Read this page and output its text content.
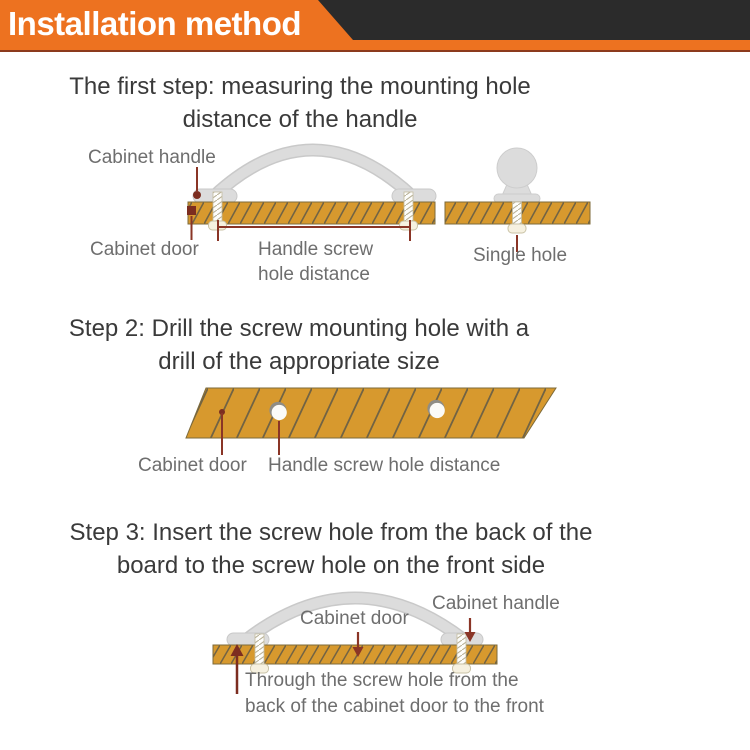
Installation method
The first step: measuring the mounting hole
distance of the handle
Cabinet handle
Cabinet door	Handle screw
hole distance
Single hole
Step 2: Drill the screw mounting hole with a
drill of the appropriate size
Cabinet door Handle screw hole distance
Step 3: Insert the screw hole from the back of the
board to the screw hole on the front side
Cabinet door
Cabinet handle
Through the screw hole from the
back of the cabinet door to the front
